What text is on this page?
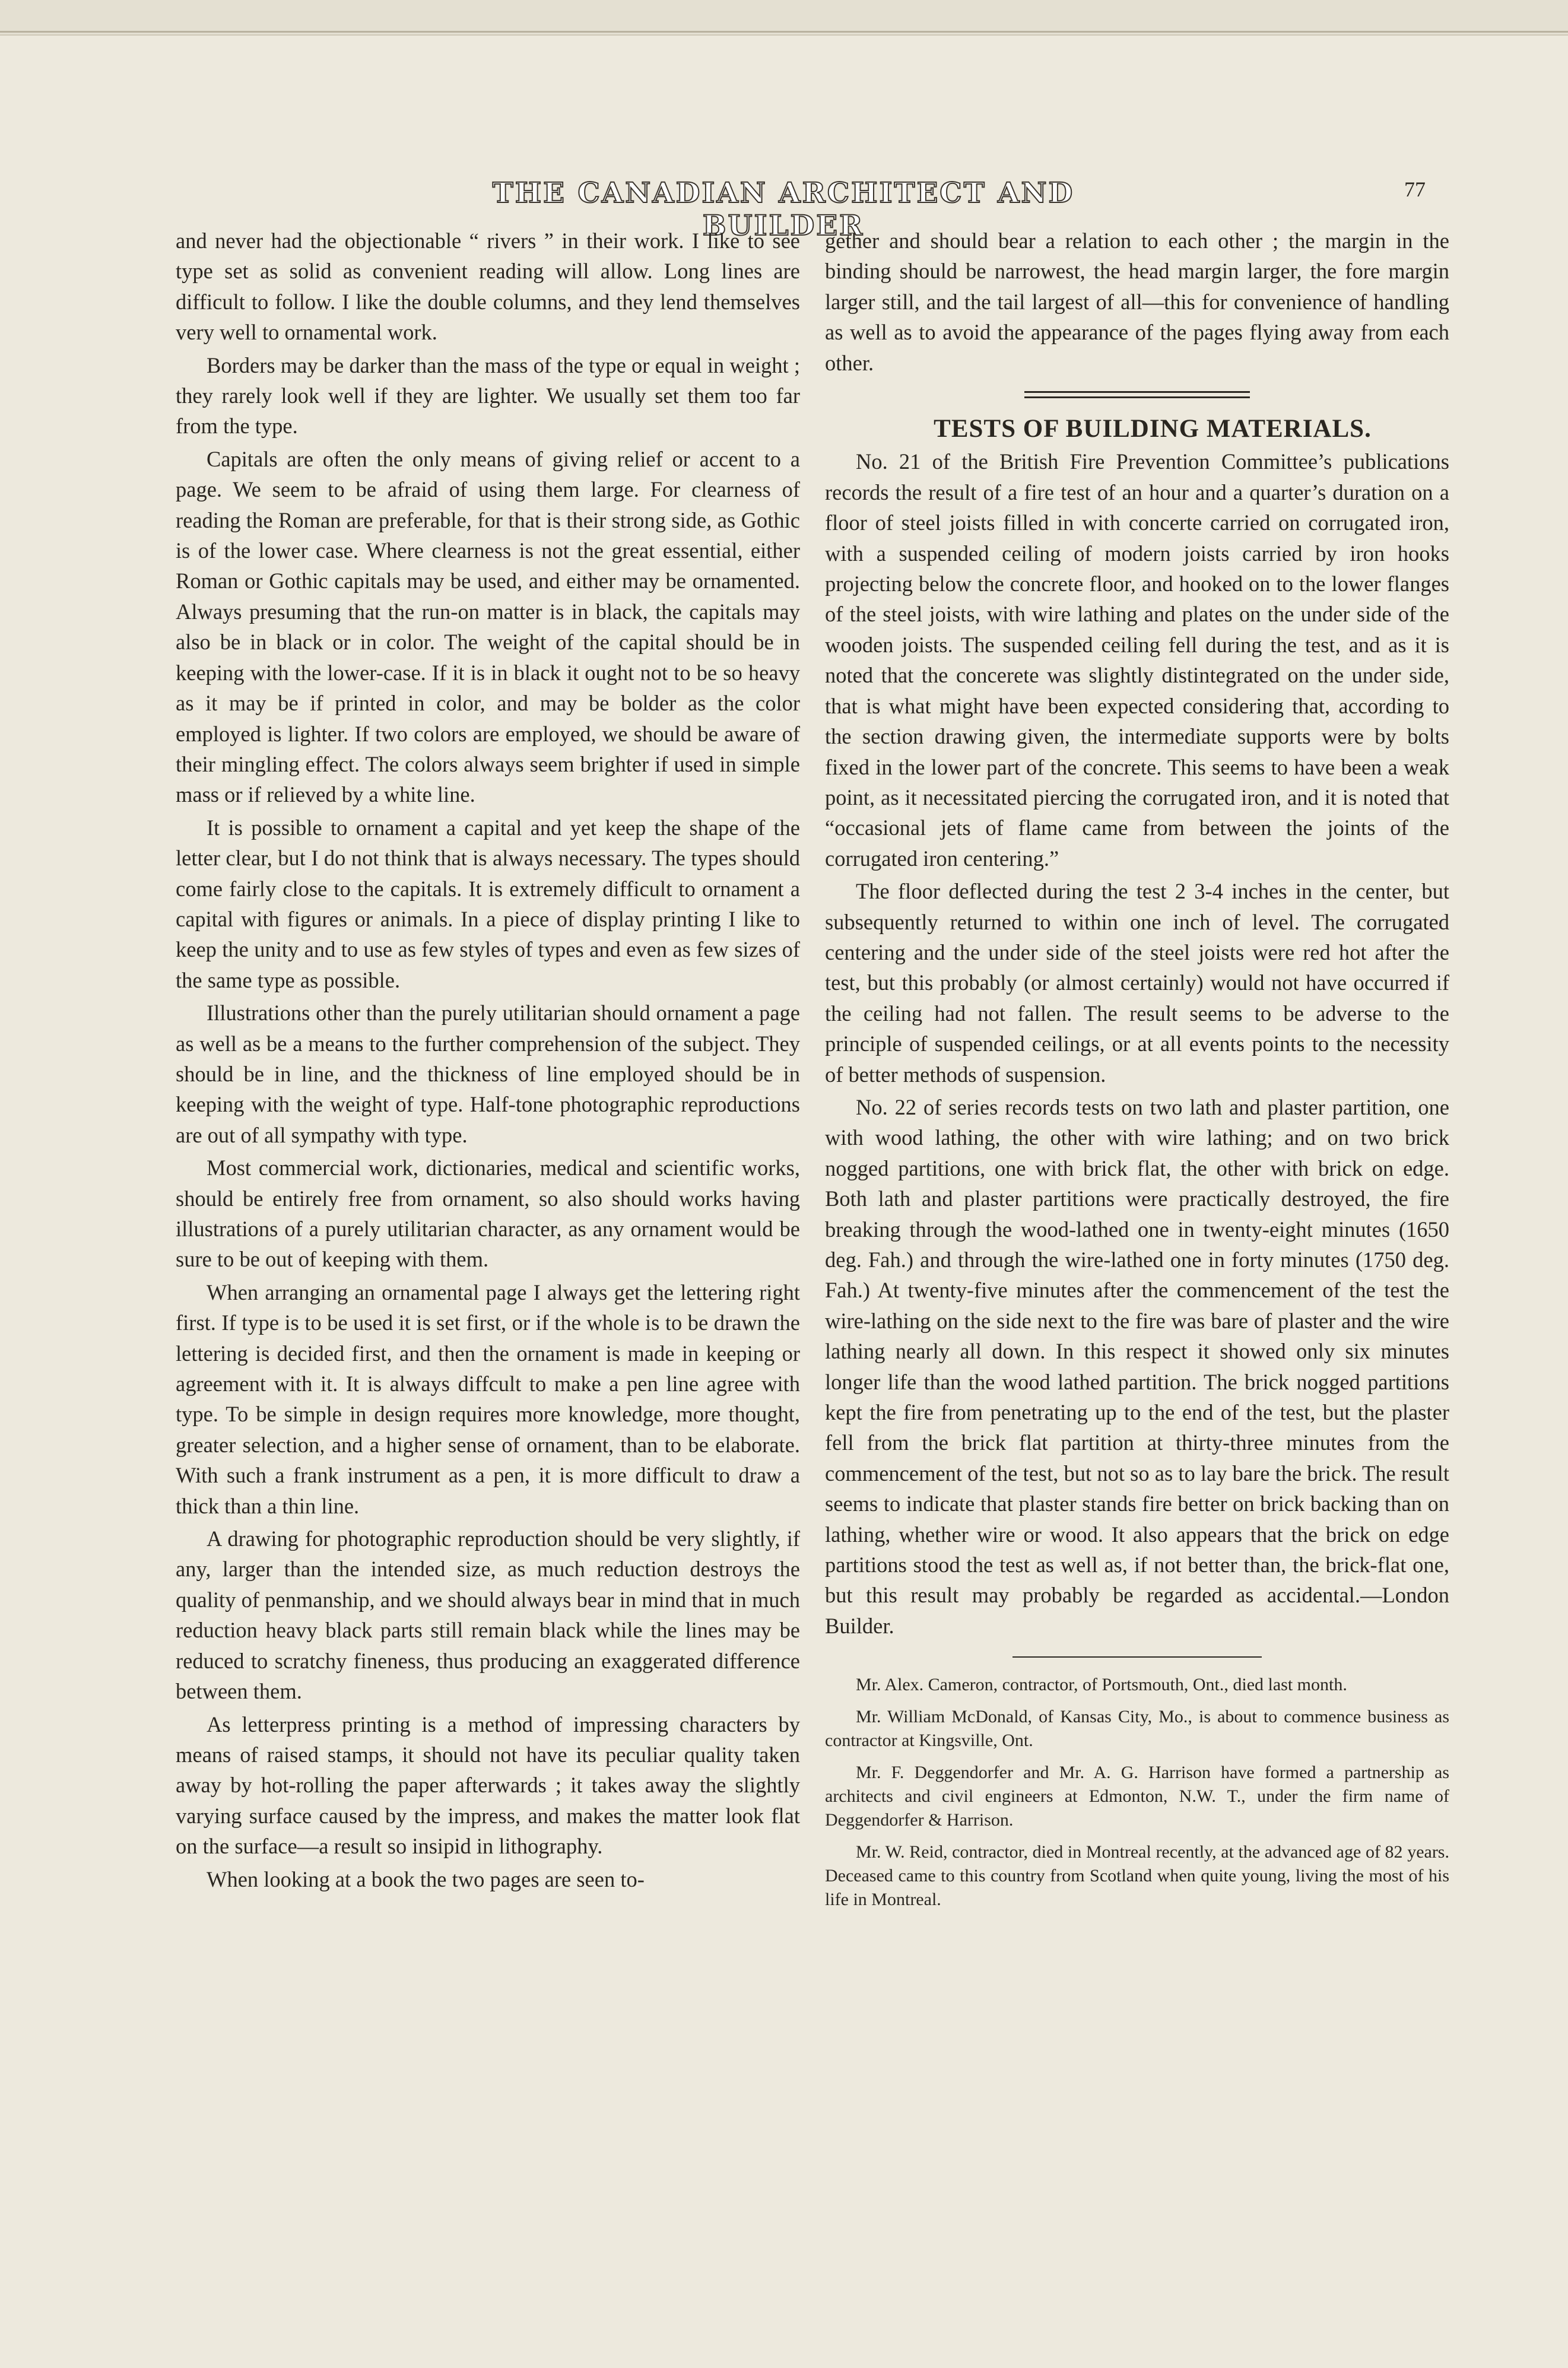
THE CANADIAN ARCHITECT AND BUILDER
77

and never had the objectionable “ rivers ” in their work. I like to see type set as solid as convenient reading will allow. Long lines are difficult to follow. I like the double columns, and they lend themselves very well to ornamental work.

Borders may be darker than the mass of the type or equal in weight ; they rarely look well if they are lighter. We usually set them too far from the type.

Capitals are often the only means of giving relief or accent to a page. We seem to be afraid of using them large. For clearness of reading the Roman are preferable, for that is their strong side, as Gothic is of the lower case. Where clearness is not the great essential, either Roman or Gothic capitals may be used, and either may be ornamented. Always presuming that the run-on matter is in black, the capitals may also be in black or in color. The weight of the capital should be in keeping with the lower-case. If it is in black it ought not to be so heavy as it may be if printed in color, and may be bolder as the color employed is lighter. If two colors are employed, we should be aware of their mingling effect. The colors always seem brighter if used in simple mass or if relieved by a white line.

It is possible to ornament a capital and yet keep the shape of the letter clear, but I do not think that is always necessary. The types should come fairly close to the capitals. It is extremely difficult to ornament a capital with figures or animals. In a piece of display printing I like to keep the unity and to use as few styles of types and even as few sizes of the same type as possible.

Illustrations other than the purely utilitarian should ornament a page as well as be a means to the further comprehension of the subject. They should be in line, and the thickness of line employed should be in keeping with the weight of type. Half-tone photographic reproductions are out of all sympathy with type.

Most commercial work, dictionaries, medical and scientific works, should be entirely free from ornament, so also should works having illustrations of a purely utilitarian character, as any ornament would be sure to be out of keeping with them.

When arranging an ornamental page I always get the lettering right first. If type is to be used it is set first, or if the whole is to be drawn the lettering is decided first, and then the ornament is made in keeping or agreement with it. It is always diffcult to make a pen line agree with type. To be simple in design requires more knowledge, more thought, greater selection, and a higher sense of ornament, than to be elaborate. With such a frank instrument as a pen, it is more difficult to draw a thick than a thin line.

A drawing for photographic reproduction should be very slightly, if any, larger than the intended size, as much reduction destroys the quality of penmanship, and we should always bear in mind that in much reduction heavy black parts still remain black while the lines may be reduced to scratchy fineness, thus producing an exaggerated difference between them.

As letterpress printing is a method of impressing characters by means of raised stamps, it should not have its peculiar quality taken away by hot-rolling the paper afterwards ; it takes away the slightly varying surface caused by the impress, and makes the matter look flat on the surface—a result so insipid in lithography.

When looking at a book the two pages are seen to-

gether and should bear a relation to each other ; the margin in the binding should be narrowest, the head margin larger, the fore margin larger still, and the tail largest of all—this for convenience of handling as well as to avoid the appearance of the pages flying away from each other.

TESTS OF BUILDING MATERIALS.

No. 21 of the British Fire Prevention Committee’s publications records the result of a fire test of an hour and a quarter’s duration on a floor of steel joists filled in with concerte carried on corrugated iron, with a suspended ceiling of modern joists carried by iron hooks projecting below the concrete floor, and hooked on to the lower flanges of the steel joists, with wire lathing and plates on the under side of the wooden joists. The suspended ceiling fell during the test, and as it is noted that the concerete was slightly distintegrated on the under side, that is what might have been expected considering that, according to the section drawing given, the intermediate supports were by bolts fixed in the lower part of the concrete. This seems to have been a weak point, as it necessitated piercing the corrugated iron, and it is noted that “occasional jets of flame came from between the joints of the corrugated iron centering.”

The floor deflected during the test 2 3-4 inches in the center, but subsequently returned to within one inch of level. The corrugated centering and the under side of the steel joists were red hot after the test, but this probably (or almost certainly) would not have occurred if the ceiling had not fallen. The result seems to be adverse to the principle of suspended ceilings, or at all events points to the necessity of better methods of suspension.

No. 22 of series records tests on two lath and plaster partition, one with wood lathing, the other with wire lathing; and on two brick nogged partitions, one with brick flat, the other with brick on edge. Both lath and plaster partitions were practically destroyed, the fire breaking through the wood-lathed one in twenty-eight minutes (1650 deg. Fah.) and through the wire-lathed one in forty minutes (1750 deg. Fah.) At twenty-five minutes after the commencement of the test the wire-lathing on the side next to the fire was bare of plaster and the wire lathing nearly all down. In this respect it showed only six minutes longer life than the wood lathed partition. The brick nogged partitions kept the fire from penetrating up to the end of the test, but the plaster fell from the brick flat partition at thirty-three minutes from the commencement of the test, but not so as to lay bare the brick. The result seems to indicate that plaster stands fire better on brick backing than on lathing, whether wire or wood. It also appears that the brick on edge partitions stood the test as well as, if not better than, the brick-flat one, but this result may probably be regarded as accidental.—London Builder.

Mr. Alex. Cameron, contractor, of Portsmouth, Ont., died last month.

Mr. William McDonald, of Kansas City, Mo., is about to commence business as contractor at Kingsville, Ont.

Mr. F. Deggendorfer and Mr. A. G. Harrison have formed a partnership as architects and civil engineers at Edmonton, N.W. T., under the firm name of Deggendorfer & Harrison.

Mr. W. Reid, contractor, died in Montreal recently, at the advanced age of 82 years. Deceased came to this country from Scotland when quite young, living the most of his life in Montreal.
